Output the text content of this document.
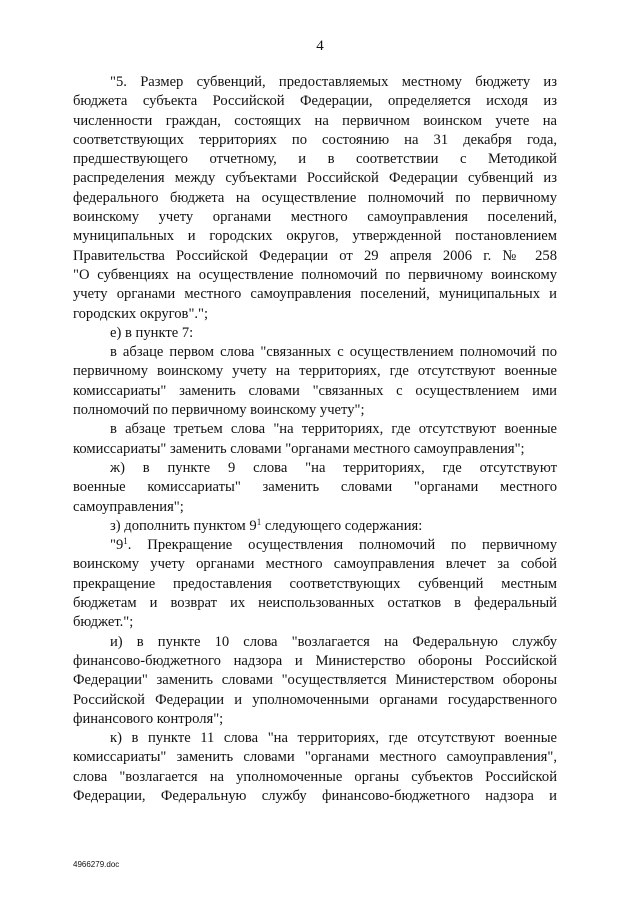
4
"5. Размер субвенций, предоставляемых местному бюджету из
бюджета субъекта Российской Федерации, определяется исходя из
численности граждан, состоящих на первичном воинском учете на
соответствующих территориях по состоянию на 31 декабря года,
предшествующего отчетному, и в соответствии с Методикой
распределения между субъектами Российской Федерации субвенций из
федерального бюджета на осуществление полномочий по первичному
воинскому учету органами местного самоуправления поселений,
муниципальных и городских округов, утвержденной постановлением
Правительства Российской Федерации от 29 апреля 2006 г. № 258
"О субвенциях на осуществление полномочий по первичному воинскому
учету органами местного самоуправления поселений, муниципальных и
городских округов".";
е) в пункте 7:
в абзаце первом слова "связанных с осуществлением полномочий по
первичному воинскому учету на территориях, где отсутствуют военные
комиссариаты" заменить словами "связанных с осуществлением ими
полномочий по первичному воинскому учету";
в абзаце третьем слова "на территориях, где отсутствуют военные
комиссариаты" заменить словами "органами местного самоуправления";
ж) в пункте 9 слова "на территориях, где отсутствуют
военные комиссариаты" заменить словами "органами местного
самоуправления";
з) дополнить пунктом $9^1$ следующего содержания:
"$9^1$. Прекращение осуществления полномочий по первичному
воинскому учету органами местного самоуправления влечет за собой
прекращение предоставления соответствующих субвенций местным
бюджетам и возврат их неиспользованных остатков в федеральный
бюджет.";
и) в пункте 10 слова "возлагается на Федеральную службу
финансово-бюджетного надзора и Министерство обороны Российской
Федерации" заменить словами "осуществляется Министерством обороны
Российской Федерации и уполномоченными органами государственного
финансового контроля";
к) в пункте 11 слова "на территориях, где отсутствуют военные
комиссариаты" заменить словами "органами местного самоуправления",
слова "возлагается на уполномоченные органы субъектов Российской
Федерации, Федеральную службу финансово-бюджетного надзора и
4966279.doc
